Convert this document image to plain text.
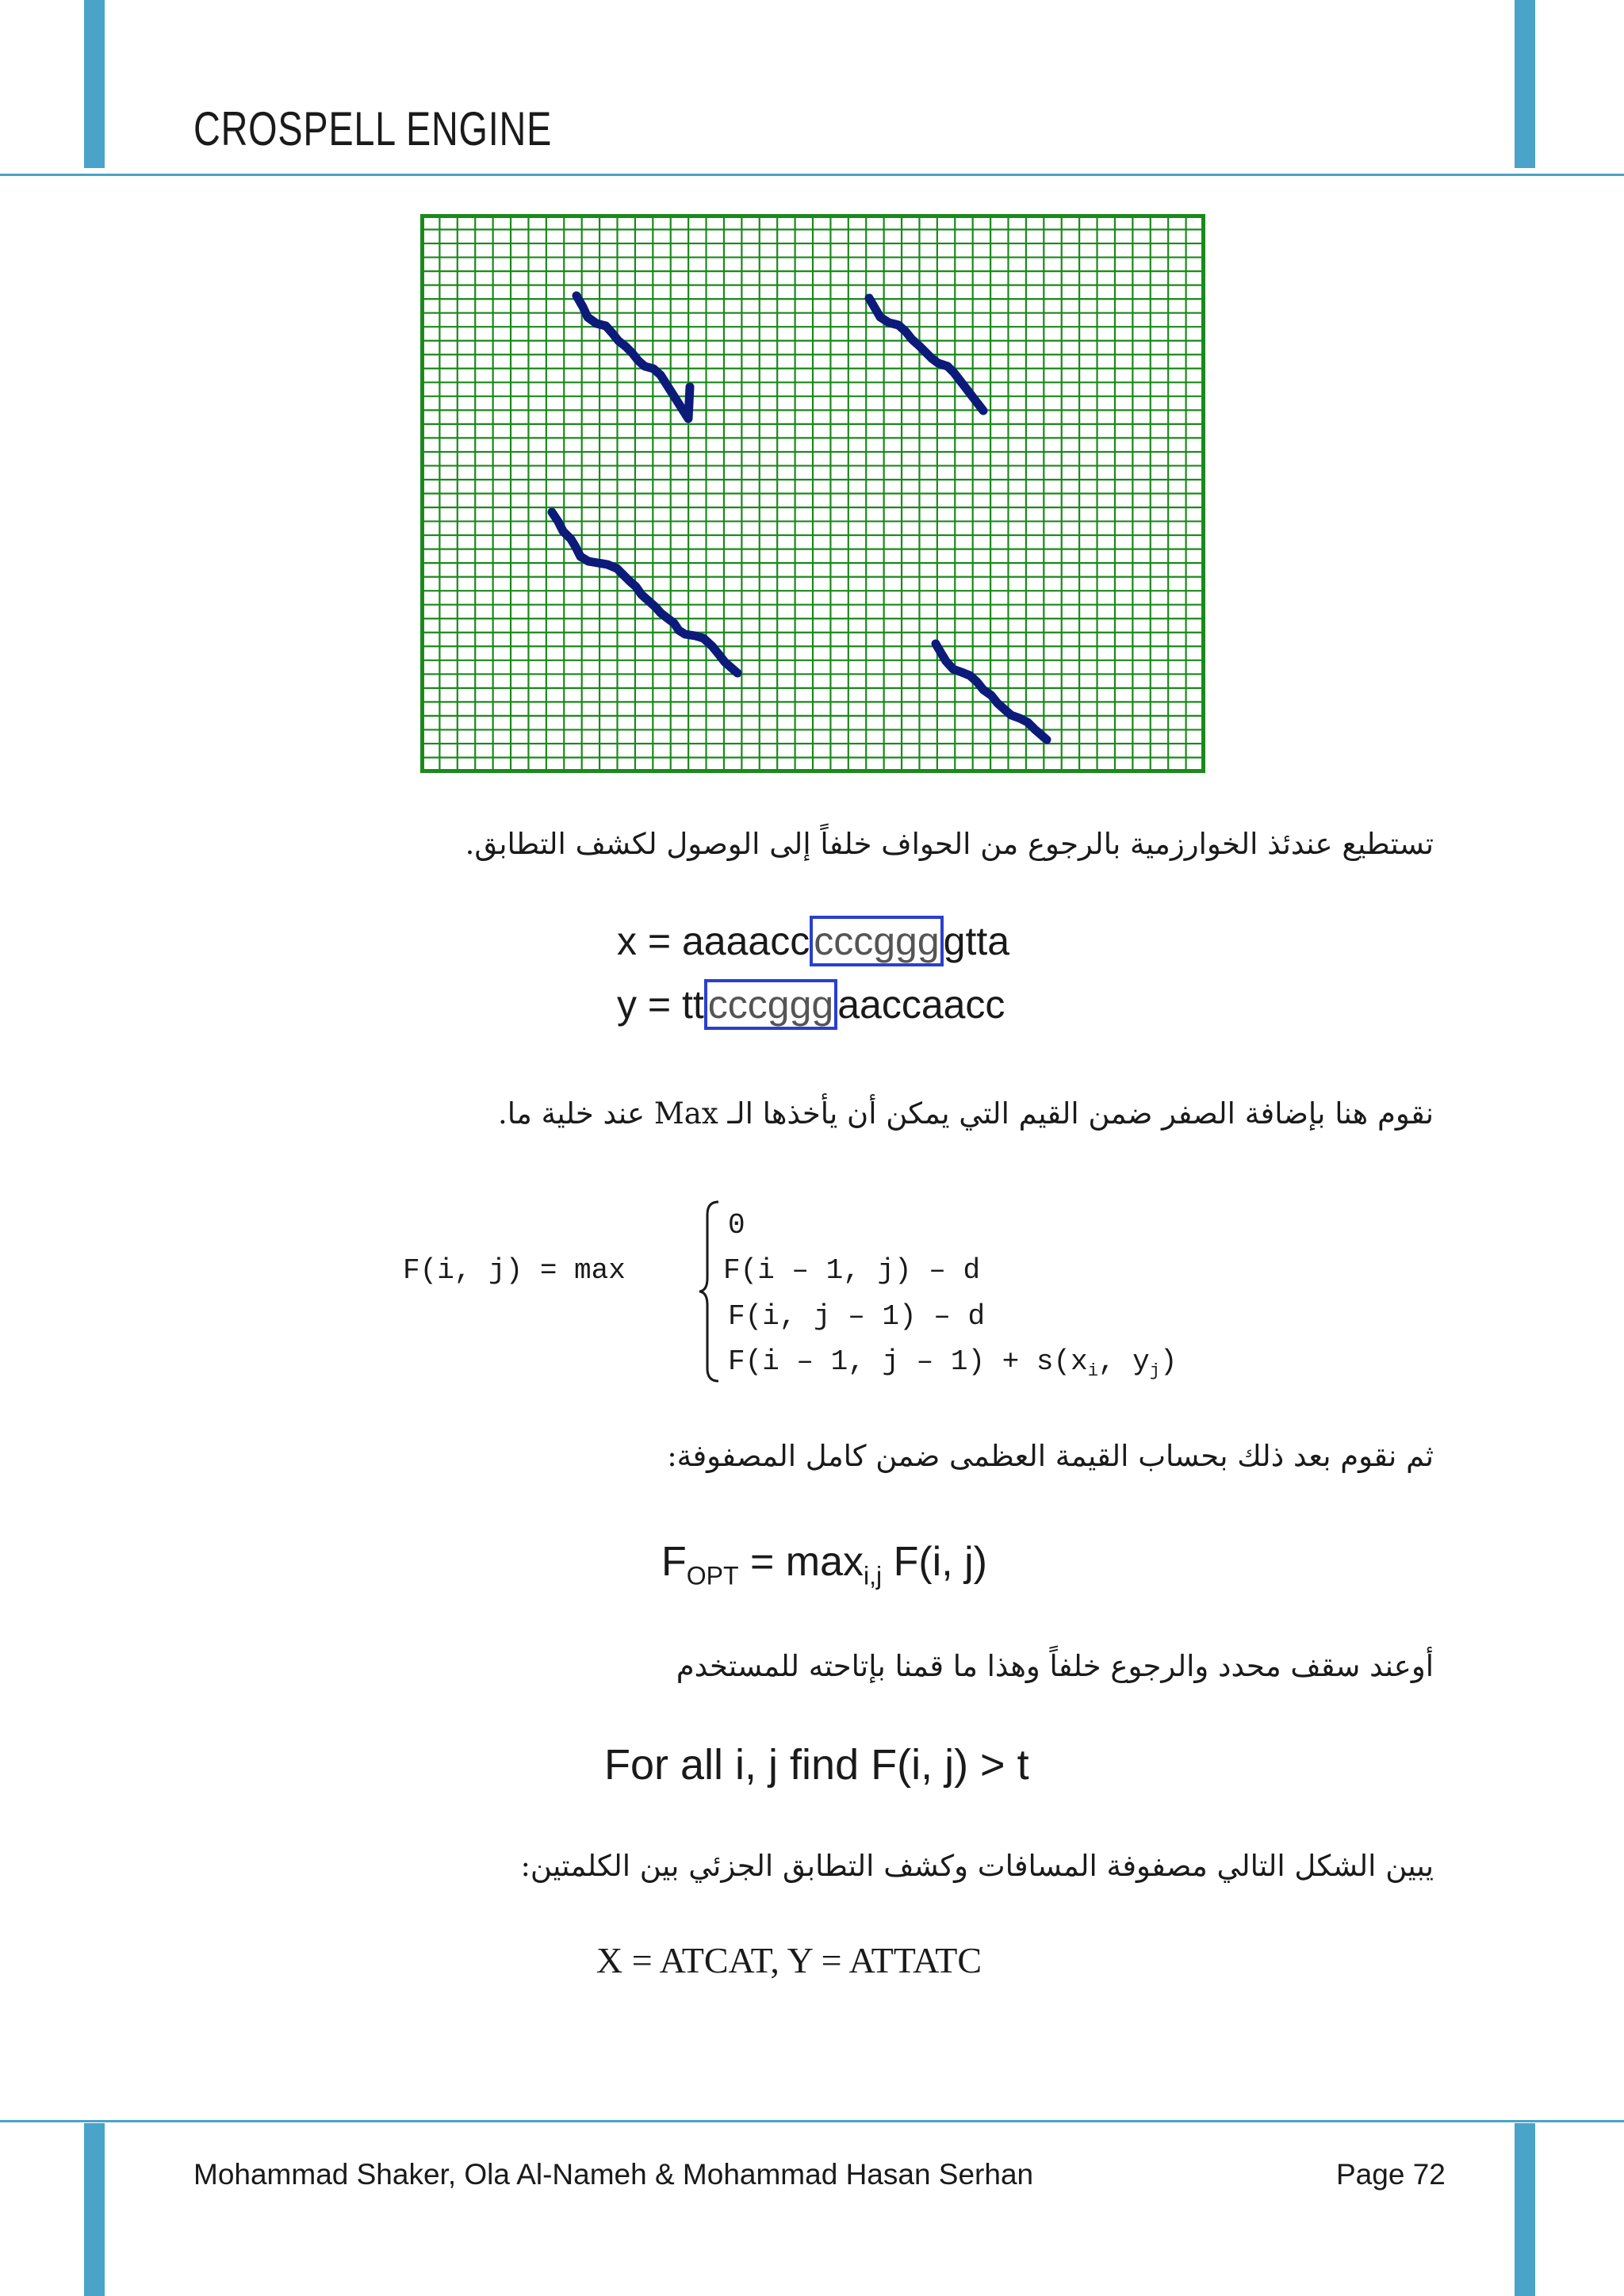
CROSPELL ENGINE
تستطيع عندئذ الخوارزمية بالرجوع من الحواف خلفاً إلى الوصول لكشف التطابق.
x = aaaacc cccggg gtta
y = tt cccggg aaccaacc
نقوم هنا بإضافة الصفر ضمن القيم التي يمكن أن يأخذها الـ Max عند خلية ما.
F(i, j) = max
0
F(i – 1, j) – d
F(i, j – 1) – d
F(i – 1, $j - 1) + s(x_i$, $y_j$)
ثم نقوم بعد ذلك بحساب القيمة العظمى ضمن كامل المصفوفة:
$F_{OPT} = \max_{i,j} F(i$, j)
أوعند سقف محدد والرجوع خلفاً وهذا ما قمنا بإتاحته للمستخدم
For all i, j find F(i, j) > t
يبين الشكل التالي مصفوفة المسافات وكشف التطابق الجزئي بين الكلمتين:
X = ATCAT, Y = ATTATC
Mohammad Shaker, Ola Al-Nameh & Mohammad Hasan Serhan	Page 72
